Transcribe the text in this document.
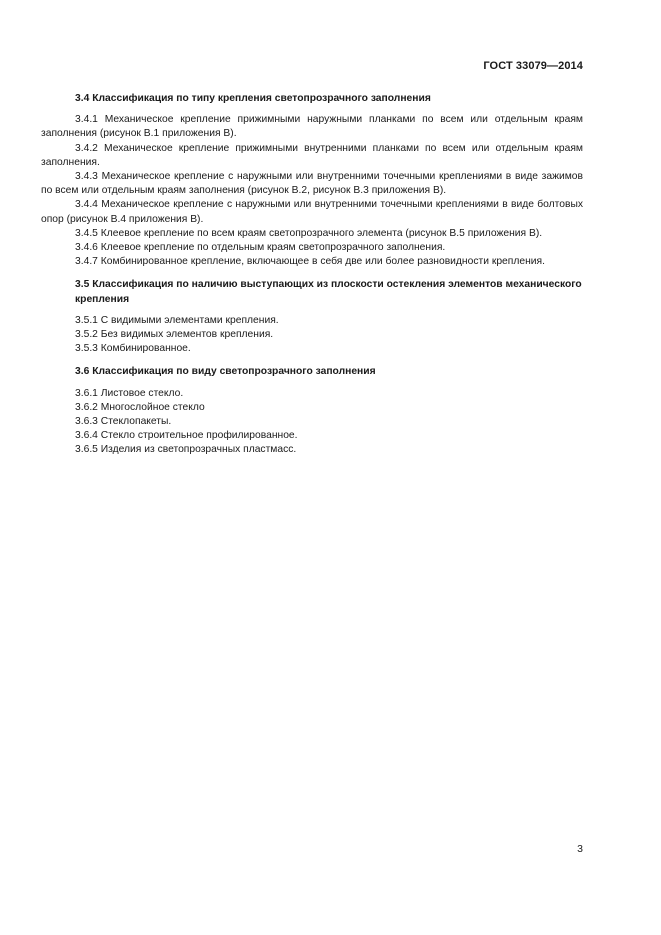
ГОСТ 33079—2014
3.4 Классификация по типу крепления светопрозрачного заполнения

3.4.1 Механическое крепление прижимными наружными планками по всем или отдельным краям заполнения (рисунок В.1 приложения В).

3.4.2 Механическое крепление прижимными внутренними планками по всем или отдельным краям заполнения.

3.4.3 Механическое крепление с наружными или внутренними точечными креплениями в виде зажимов по всем или отдельным краям заполнения (рисунок В.2, рисунок В.3 приложения В).

3.4.4 Механическое крепление с наружными или внутренними точечными креплениями в виде болтовых опор (рисунок В.4 приложения В).

3.4.5 Клеевое крепление по всем краям светопрозрачного элемента (рисунок В.5 приложения В).

3.4.6 Клеевое крепление по отдельным краям светопрозрачного заполнения.

3.4.7 Комбинированное крепление, включающее в себя две или более разновидности крепления.

3.5 Классификация по наличию выступающих из плоскости остекления элементов механического крепления

3.5.1 С видимыми элементами крепления.

3.5.2 Без видимых элементов крепления.

3.5.3 Комбинированное.

3.6 Классификация по виду светопрозрачного заполнения

3.6.1 Листовое стекло.

3.6.2 Многослойное стекло

3.6.3 Стеклопакеты.

3.6.4 Стекло строительное профилированное.

3.6.5 Изделия из светопрозрачных пластмасс.

3
